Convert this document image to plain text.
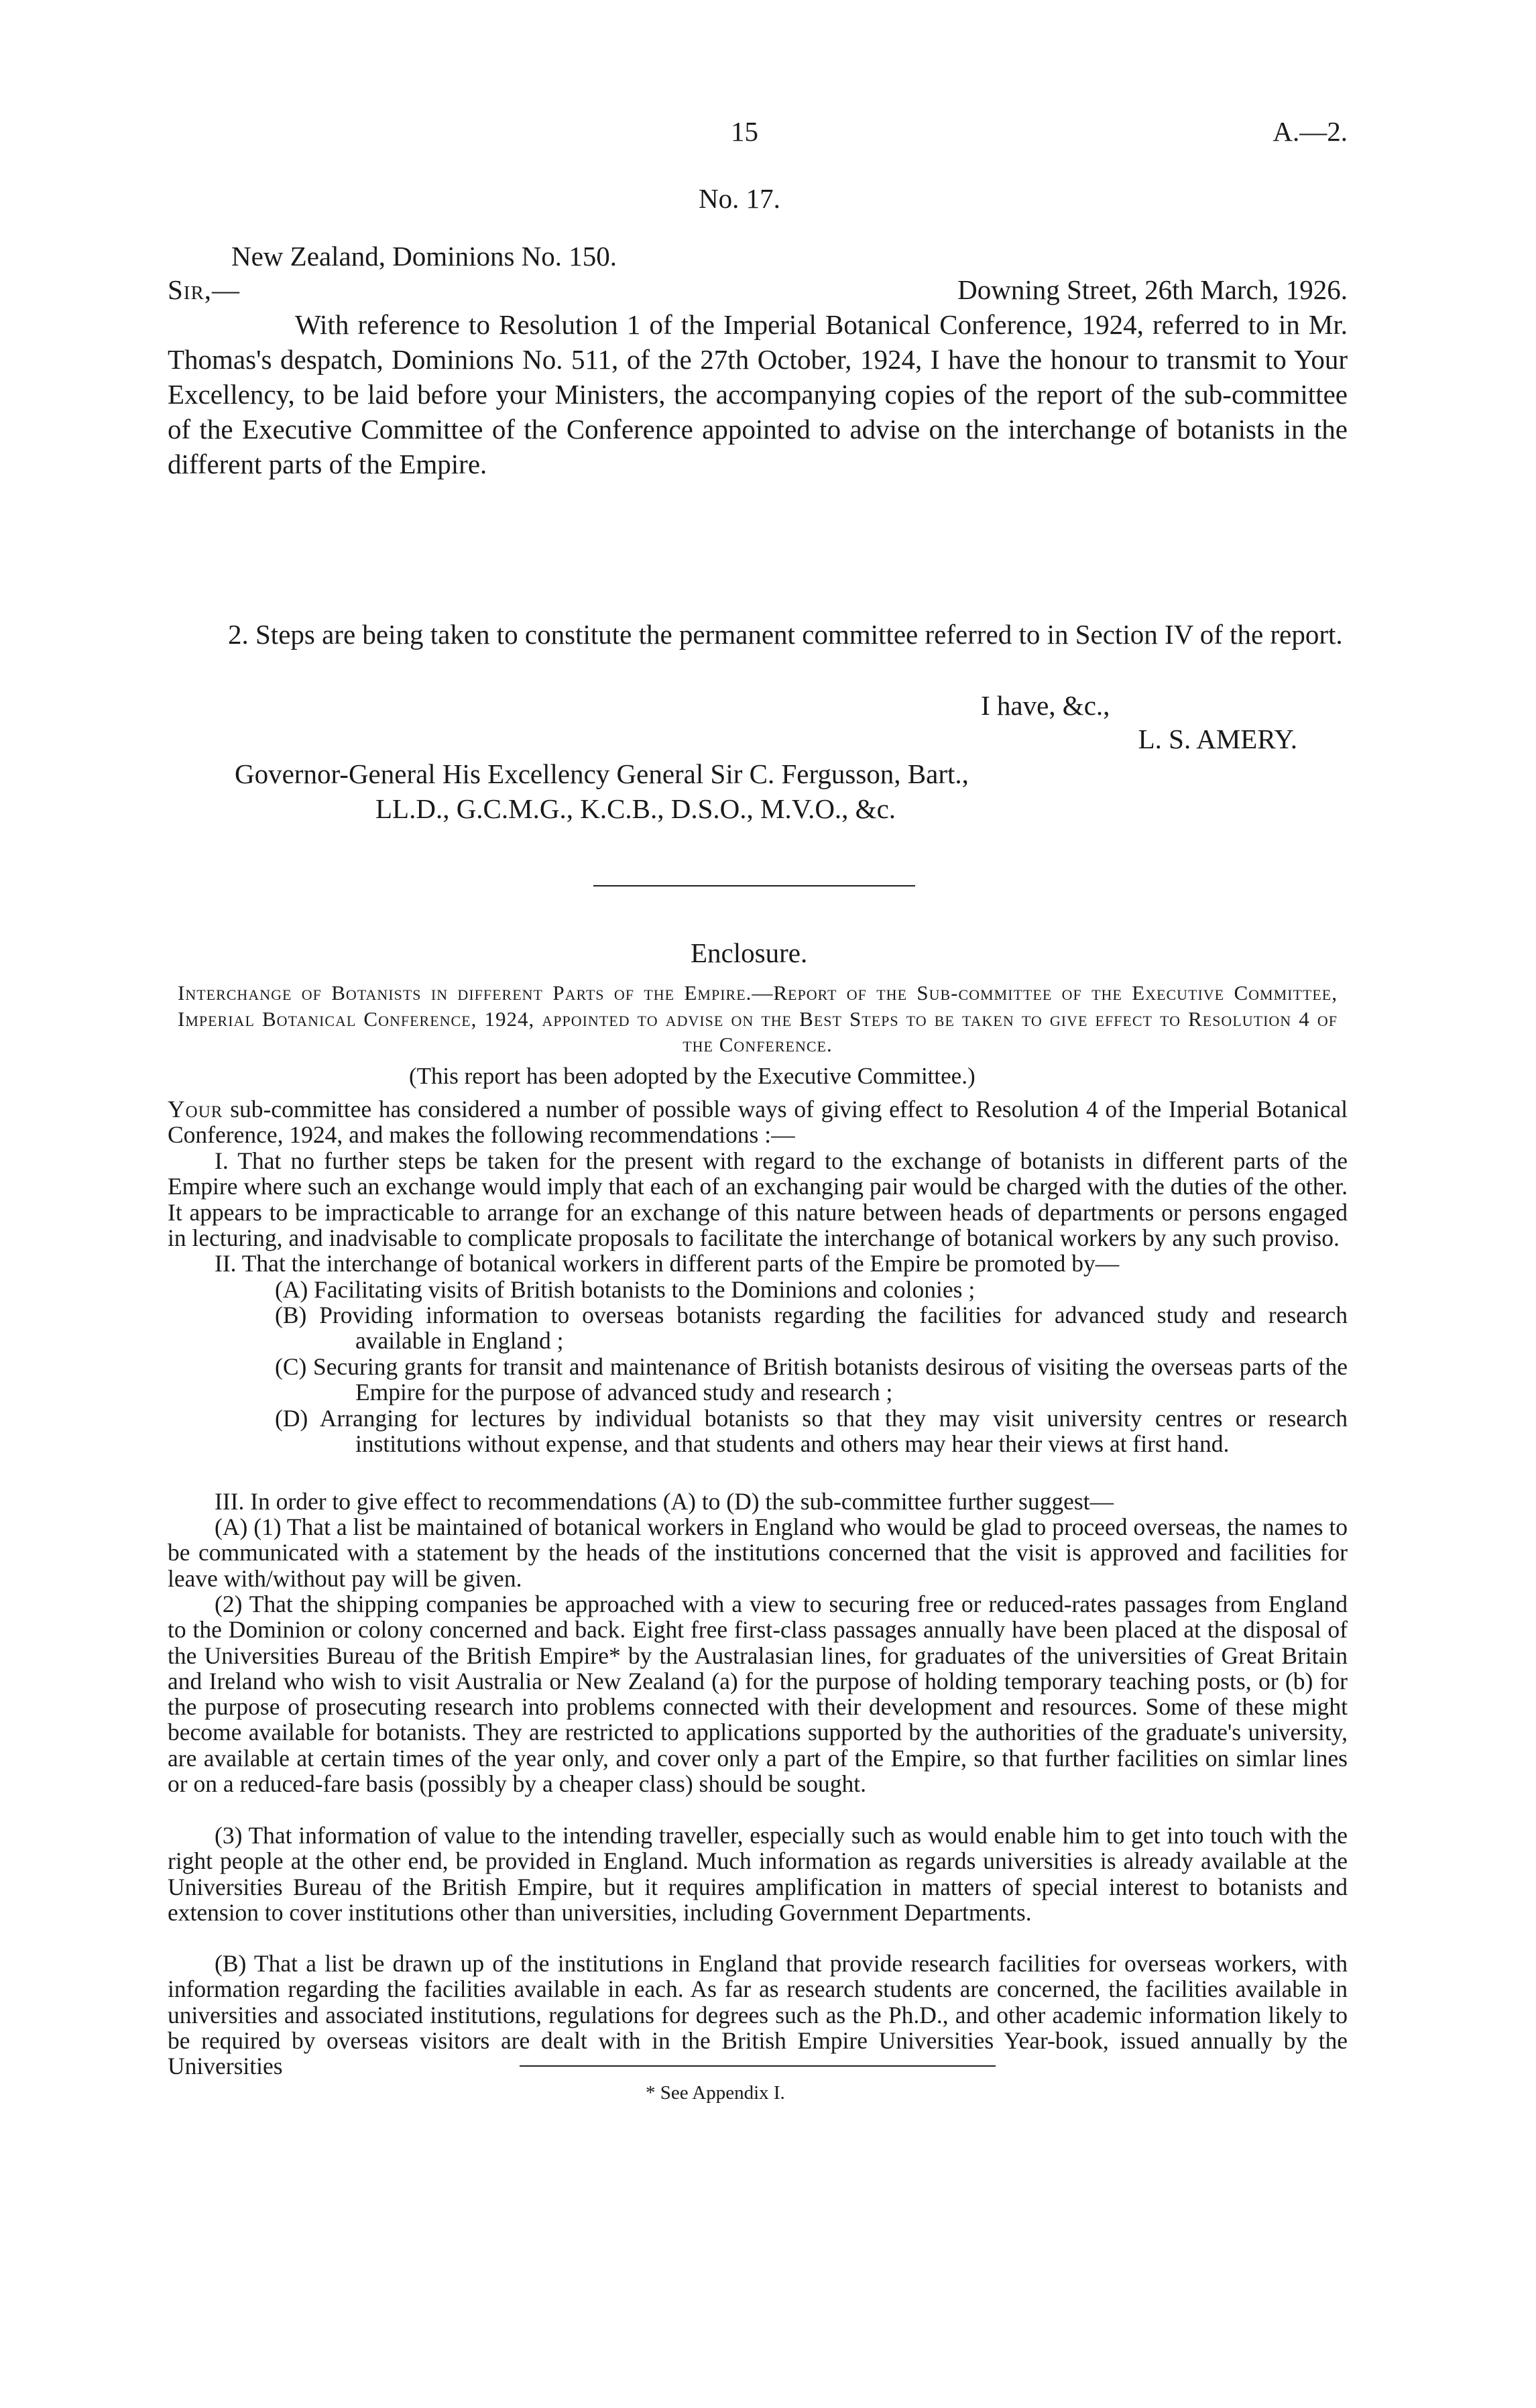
15	A.—2.
No. 17.
New Zealand, Dominions No. 150.
Sir,—	Downing Street, 26th March, 1926.
With reference to Resolution 1 of the Imperial Botanical Conference, 1924, referred to in Mr. Thomas's despatch, Dominions No. 511, of the 27th October, 1924, I have the honour to transmit to Your Excellency, to be laid before your Ministers, the accompanying copies of the report of the sub-committee of the Executive Committee of the Conference appointed to advise on the interchange of botanists in the different parts of the Empire.
2. Steps are being taken to constitute the permanent committee referred to in Section IV of the report.
I have, &c.,
L. S. AMERY.
Governor-General His Excellency General Sir C. Fergusson, Bart.,
LL.D., G.C.M.G., K.C.B., D.S.O., M.V.O., &c.
Enclosure.
Interchange of Botanists in different Parts of the Empire.—Report of the Sub-committee of the Executive Committee, Imperial Botanical Conference, 1924, appointed to advise on the Best Steps to be taken to give effect to Resolution 4 of the Conference.
(This report has been adopted by the Executive Committee.)
Your sub-committee has considered a number of possible ways of giving effect to Resolution 4 of the Imperial Botanical Conference, 1924, and makes the following recommendations :—
I. That no further steps be taken for the present with regard to the exchange of botanists in different parts of the Empire where such an exchange would imply that each of an exchanging pair would be charged with the duties of the other. It appears to be impracticable to arrange for an exchange of this nature between heads of departments or persons engaged in lecturing, and inadvisable to complicate proposals to facilitate the interchange of botanical workers by any such proviso.
II. That the interchange of botanical workers in different parts of the Empire be promoted by—
(A) Facilitating visits of British botanists to the Dominions and colonies ;
(B) Providing information to overseas botanists regarding the facilities for advanced study and research available in England ;
(C) Securing grants for transit and maintenance of British botanists desirous of visiting the overseas parts of the Empire for the purpose of advanced study and research ;
(D) Arranging for lectures by individual botanists so that they may visit university centres or research institutions without expense, and that students and others may hear their views at first hand.
III. In order to give effect to recommendations (A) to (D) the sub-committee further suggest—
(A) (1) That a list be maintained of botanical workers in England who would be glad to proceed overseas, the names to be communicated with a statement by the heads of the institutions concerned that the visit is approved and facilities for leave with/without pay will be given.
(2) That the shipping companies be approached with a view to securing free or reduced-rates passages from England to the Dominion or colony concerned and back. Eight free first-class passages annually have been placed at the disposal of the Universities Bureau of the British Empire* by the Australasian lines, for graduates of the universities of Great Britain and Ireland who wish to visit Australia or New Zealand (a) for the purpose of holding temporary teaching posts, or (b) for the purpose of prosecuting research into problems connected with their development and resources. Some of these might become available for botanists. They are restricted to applications supported by the authorities of the graduate's university, are available at certain times of the year only, and cover only a part of the Empire, so that further facilities on simlar lines or on a reduced-fare basis (possibly by a cheaper class) should be sought.
(3) That information of value to the intending traveller, especially such as would enable him to get into touch with the right people at the other end, be provided in England. Much information as regards universities is already available at the Universities Bureau of the British Empire, but it requires amplification in matters of special interest to botanists and extension to cover institutions other than universities, including Government Departments.
(B) That a list be drawn up of the institutions in England that provide research facilities for overseas workers, with information regarding the facilities available in each. As far as research students are concerned, the facilities available in universities and associated institutions, regulations for degrees such as the Ph.D., and other academic information likely to be required by overseas visitors are dealt with in the British Empire Universities Year-book, issued annually by the Universities
* See Appendix I.
